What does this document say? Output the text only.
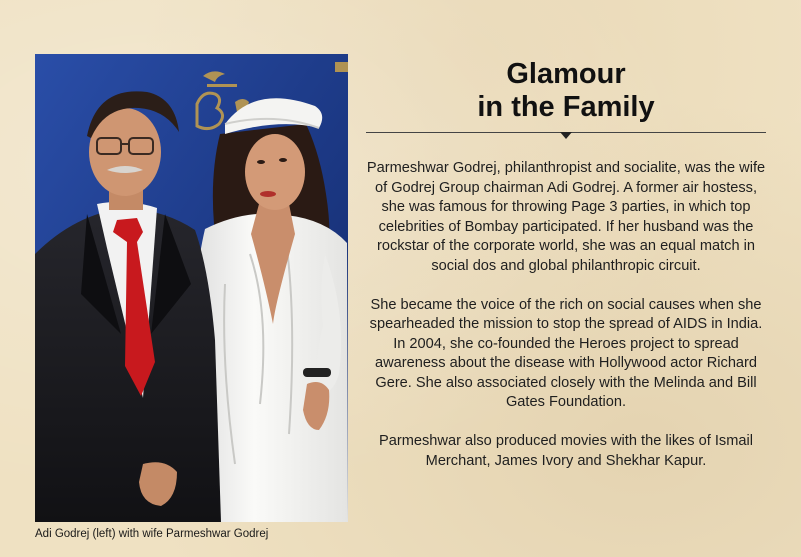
Adi Godrej (left) with wife Parmeshwar Godrej
Glamour
in the Family

Parmeshwar Godrej, philanthropist and socialite, was the wife of Godrej Group chairman Adi Godrej. A former air hostess, she was famous for throwing Page 3 parties, in which top celebrities of Bombay participated. If her husband was the rockstar of the corporate world, she was an equal match in social dos and global philanthropic circuit.

She became the voice of the rich on social causes when she spearheaded the mission to stop the spread of AIDS in India. In 2004, she co-founded the Heroes project to spread awareness about the disease with Hollywood actor Richard Gere. She also associated closely with the Melinda and Bill Gates Foundation.

Parmeshwar also produced movies with the likes of Ismail Merchant, James Ivory and Shekhar Kapur.
